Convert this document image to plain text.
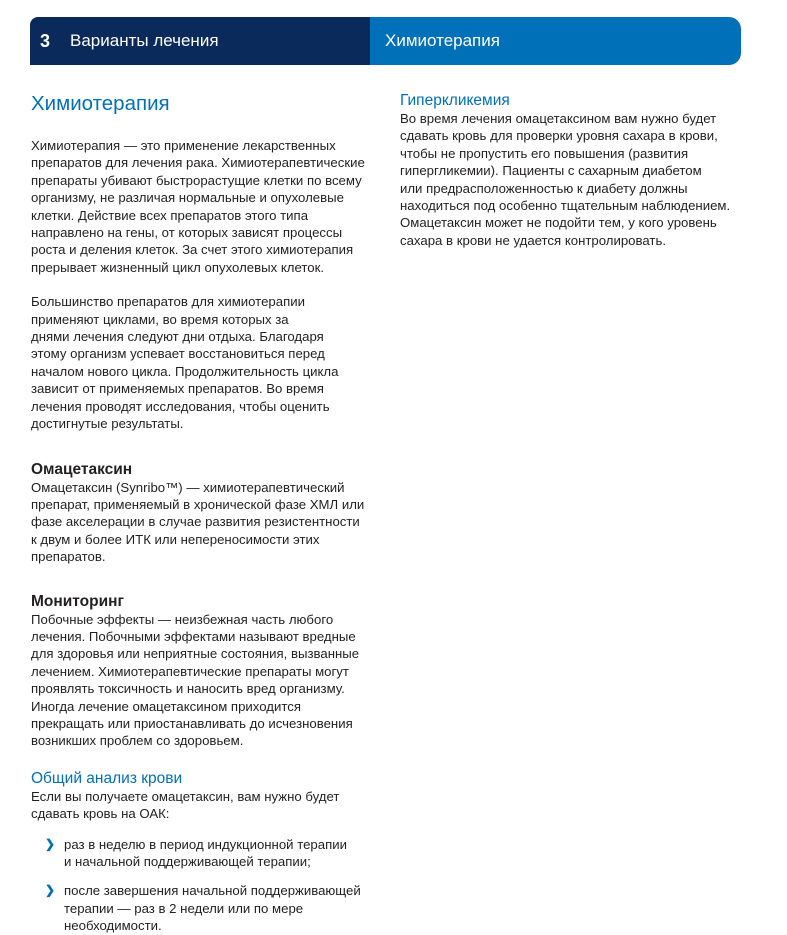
3	Варианты лечения	Химиотерапия
Химиотерапия

Химиотерапия — это применение лекарственных
препаратов для лечения рака. Химиотерапевтические
препараты убивают быстрорастущие клетки по всему
организму, не различая нормальные и опухолевые
клетки. Действие всех препаратов этого типа
направлено на гены, от которых зависят процессы
роста и деления клеток. За счет этого химиотерапия
прерывает жизненный цикл опухолевых клеток.

Большинство препаратов для химиотерапии
применяют циклами, во время которых за
днями лечения следуют дни отдыха. Благодаря
этому организм успевает восстановиться перед
началом нового цикла. Продолжительность цикла
зависит от применяемых препаратов. Во время
лечения проводят исследования, чтобы оценить
достигнутые результаты.

Омацетаксин

Омацетаксин (Synribo™) — химиотерапевтический
препарат, применяемый в хронической фазе ХМЛ или
фазе акселерации в случае развития резистентности
к двум и более ИТК или непереносимости этих
препаратов.

Мониторинг

Побочные эффекты — неизбежная часть любого
лечения. Побочными эффектами называют вредные
для здоровья или неприятные состояния, вызванные
лечением. Химиотерапевтические препараты могут
проявлять токсичность и наносить вред организму.
Иногда лечение омацетаксином приходится
прекращать или приостанавливать до исчезновения
возникших проблем со здоровьем.

Общий анализ крови

Если вы получаете омацетаксин, вам нужно будет
сдавать кровь на ОАК:

❯ раз в неделю в период индукционной терапии
и начальной поддерживающей терапии;
❯ после завершения начальной поддерживающей
терапии — раз в 2 недели или по мере
необходимости.
Гиперкликемия

Во время лечения омацетаксином вам нужно будет
сдавать кровь для проверки уровня сахара в крови,
чтобы не пропустить его повышения (развития
гипергликемии). Пациенты с сахарным диабетом
или предрасположенностью к диабету должны
находиться под особенно тщательным наблюдением.
Омацетаксин может не подойти тем, у кого уровень
сахара в крови не удается контролировать.
